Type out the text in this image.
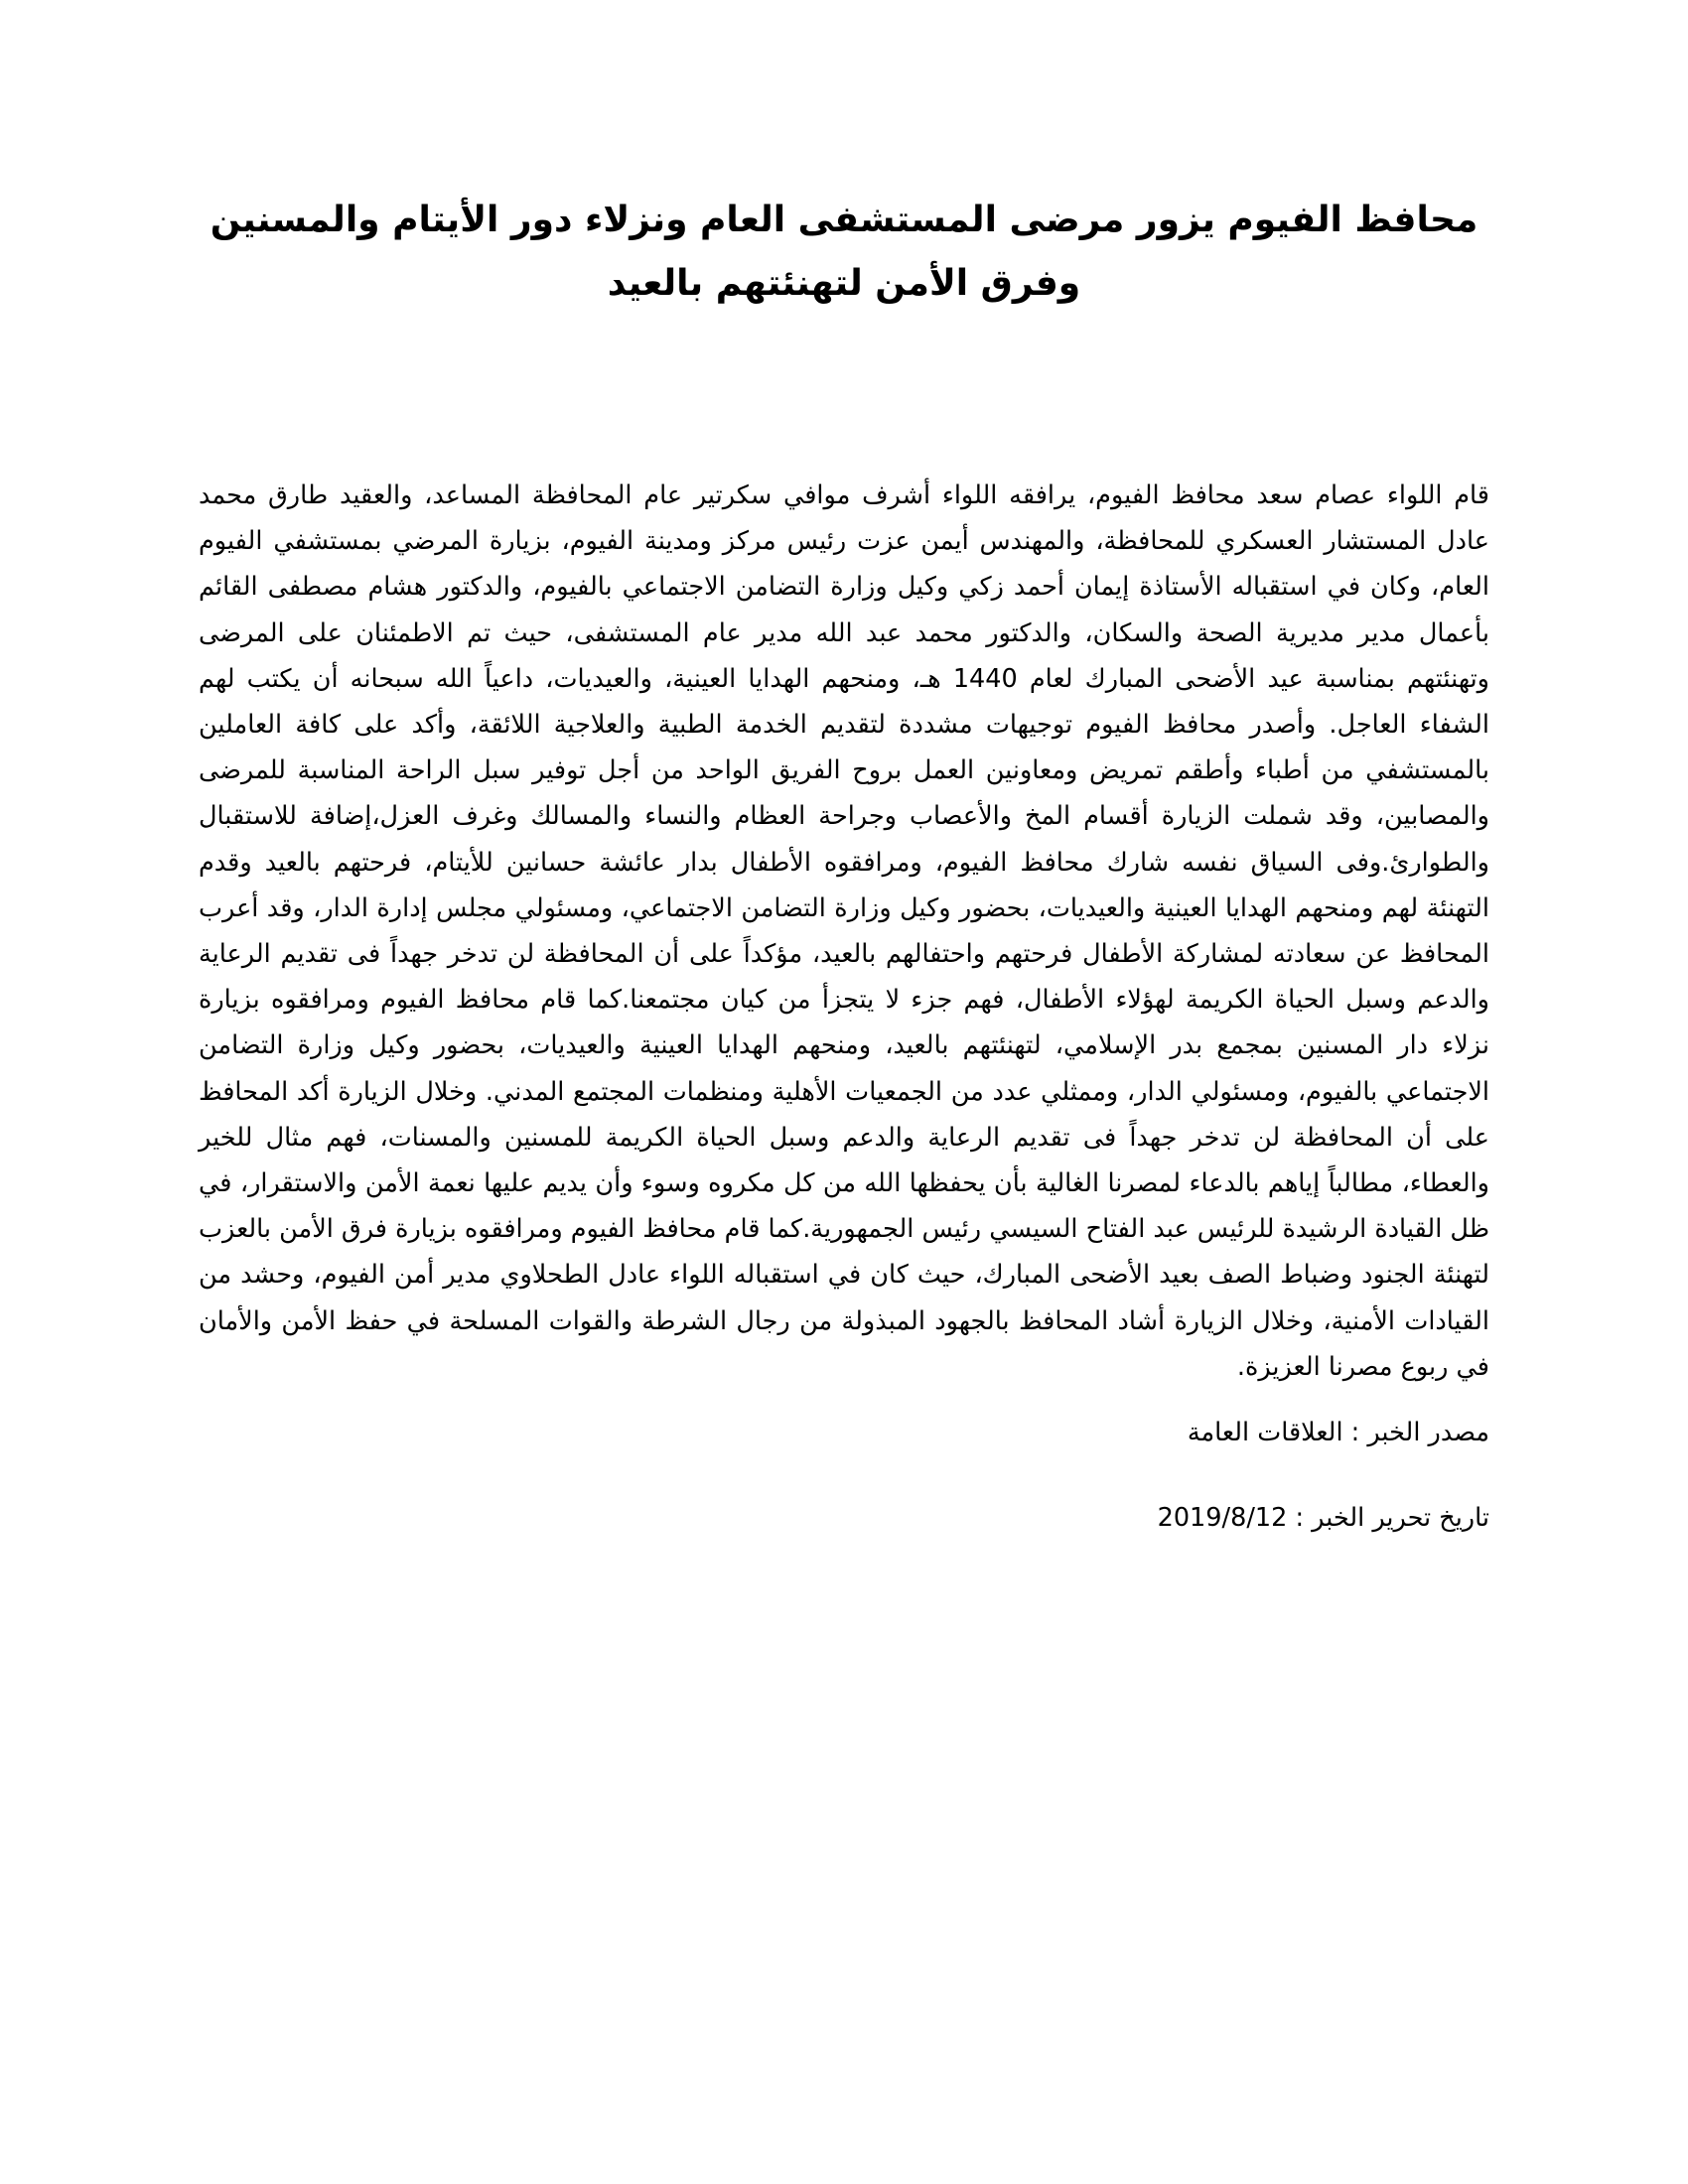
محافظ الفيوم يزور مرضى المستشفى العام ونزلاء دور الأيتام والمسنين وفرق الأمن لتهنئتهم بالعيد

قام اللواء عصام سعد محافظ الفيوم، يرافقه اللواء أشرف موافي سكرتير عام المحافظة المساعد، والعقيد طارق محمد عادل المستشار العسكري للمحافظة، والمهندس أيمن عزت رئيس مركز ومدينة الفيوم، بزيارة المرضي بمستشفي الفيوم العام، وكان في استقباله الأستاذة إيمان أحمد زكي وكيل وزارة التضامن الاجتماعي بالفيوم، والدكتور هشام مصطفى القائم بأعمال مدير مديرية الصحة والسكان، والدكتور محمد عبد الله مدير عام المستشفى، حيث تم الاطمئنان على المرضى وتهنئتهم بمناسبة عيد الأضحى المبارك لعام 1440 هـ، ومنحهم الهدايا العينية، والعيديات، داعياً الله سبحانه أن يكتب لهم الشفاء العاجل. وأصدر محافظ الفيوم توجيهات مشددة لتقديم الخدمة الطبية والعلاجية اللائقة، وأكد على كافة العاملين بالمستشفي من أطباء وأطقم تمريض ومعاونين العمل بروح الفريق الواحد من أجل توفير سبل الراحة المناسبة للمرضى والمصابين، وقد شملت الزيارة أقسام المخ والأعصاب وجراحة العظام والنساء والمسالك وغرف العزل،إضافة للاستقبال والطوارئ.وفى السياق نفسه شارك محافظ الفيوم، ومرافقوه الأطفال بدار عائشة حسانين للأيتام، فرحتهم بالعيد وقدم التهنئة لهم ومنحهم الهدايا العينية والعيديات، بحضور وكيل وزارة التضامن الاجتماعي، ومسئولي مجلس إدارة الدار، وقد أعرب المحافظ عن سعادته لمشاركة الأطفال فرحتهم واحتفالهم بالعيد، مؤكداً على أن المحافظة لن تدخر جهداً فى تقديم الرعاية والدعم وسبل الحياة الكريمة لهؤلاء الأطفال، فهم جزء لا يتجزأ من كيان مجتمعنا.كما قام محافظ الفيوم ومرافقوه بزيارة نزلاء دار المسنين بمجمع بدر الإسلامي، لتهنئتهم بالعيد، ومنحهم الهدايا العينية والعيديات، بحضور وكيل وزارة التضامن الاجتماعي بالفيوم، ومسئولي الدار، وممثلي عدد من الجمعيات الأهلية ومنظمات المجتمع المدني. وخلال الزيارة أكد المحافظ على أن المحافظة لن تدخر جهداً فى تقديم الرعاية والدعم وسبل الحياة الكريمة للمسنين والمسنات، فهم مثال للخير والعطاء، مطالباً إياهم بالدعاء لمصرنا الغالية بأن يحفظها الله من كل مكروه وسوء وأن يديم عليها نعمة الأمن والاستقرار، في ظل القيادة الرشيدة للرئيس عبد الفتاح السيسي رئيس الجمهورية.كما قام محافظ الفيوم ومرافقوه بزيارة فرق الأمن بالعزب لتهنئة الجنود وضباط الصف بعيد الأضحى المبارك، حيث كان في استقباله اللواء عادل الطحلاوي مدير أمن الفيوم، وحشد من القيادات الأمنية، وخلال الزيارة أشاد المحافظ بالجهود المبذولة من رجال الشرطة والقوات المسلحة في حفظ الأمن والأمان في ربوع مصرنا العزيزة.

مصدر الخبر : العلاقات العامة

تاريخ تحرير الخبر : 2019/8/12
